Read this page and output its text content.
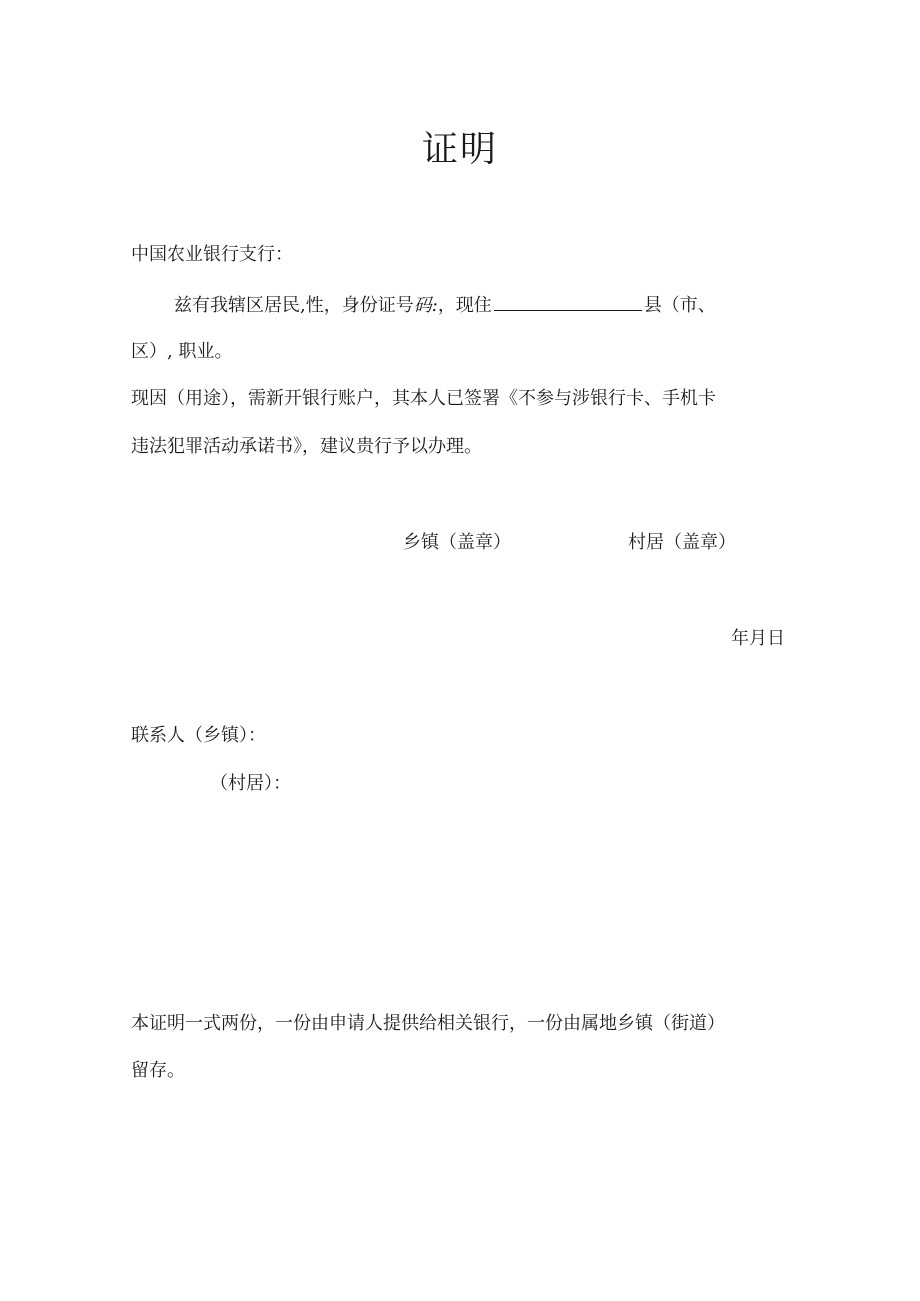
证明
中国农业银行支行：
兹有我辖区居民,性，身份证号码:，现住	县（市、
区）, 职业。
现因（用途），需新开银行账户，其本人已签署《不参与涉银行卡、手机卡
违法犯罪活动承诺书》，建议贵行予以办理。
乡镇（盖章）	村居（盖章）
年月日
联系人（乡镇）：
（村居）：
本证明一式两份，一份由申请人提供给相关银行，一份由属地乡镇（街道）
留存。
